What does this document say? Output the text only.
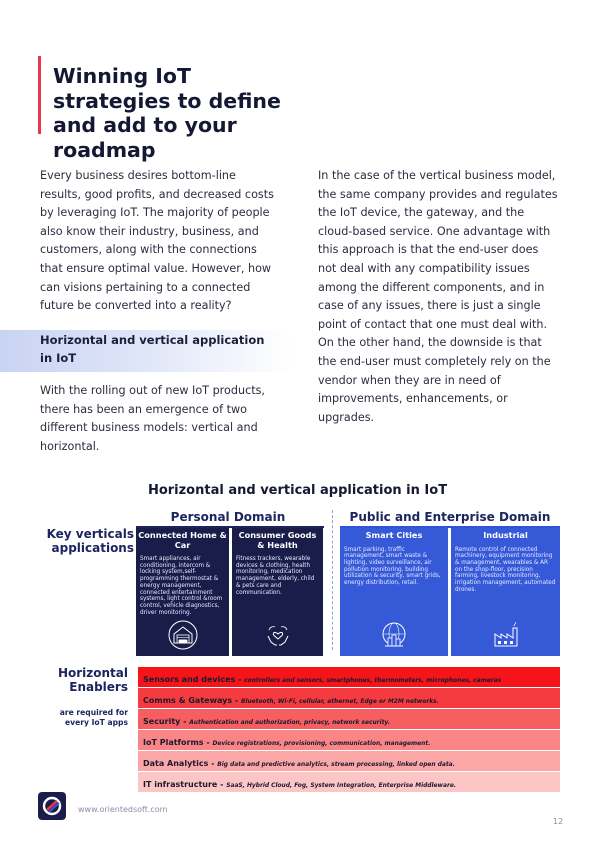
Winning IoT strategies to define and add to your roadmap

Every business desires bottom-line results, good profits, and decreased costs by leveraging IoT. The majority of people also know their industry, business, and customers, along with the connections that ensure optimal value. However, how can visions pertaining to a connected future be converted into a reality?

Horizontal and vertical application in IoT

With the rolling out of new IoT products, there has been an emergence of two different business models: vertical and horizontal.

In the case of the vertical business model, the same company provides and regulates the IoT device, the gateway, and the cloud-based service. One advantage with this approach is that the end-user does not deal with any compatibility issues among the different components, and in case of any issues, there is just a single point of contact that one must deal with. On the other hand, the downside is that the end-user must completely rely on the vendor when they are in need of improvements, enhancements, or upgrades.

Horizontal and vertical application in IoT
Personal Domain	Public and Enterprise Domain
Key verticals applications
Connected Home & Car
Smart appliances, air conditioning, intercom & locking system,self-programming thermostat & energy management, connected entertainment systems, light control &room control, vehicle diagnostics, driver monitoring.
Consumer Goods & Health
Fitness trackers, wearable devices & clothing, health monitoring, medication management, elderly, child & pets care and communication.
Smart Cities
Smart parking, traffic management, smart waste & lighting, video surveillance, air pollution monitoring, building utilization & security, smart grids, energy distribution, retail.
Industrial
Remote control of connected machinery, equipment monitoring & management, wearables & AR on the shop-floor, precision farming, livestock monitoring, irrigation management, automated drones.
Horizontal Enablers
are required for every IoT apps
Sensors and devices - controllers and sensors, smartphones, thermometers, microphones, cameras
Comms & Gateways - Bluetooth, Wi-Fi, cellular, ethernet, Edge or M2M networks.
Security - Authentication and authorization, privacy, network security.
IoT Platforms - Device registrations, provisioning, communication, management.
Data Analytics - Big data and predictive analytics, stream processing, linked open data.
IT infrastructure - SaaS, Hybrid Cloud, Fog, System Integration, Enterprise Middleware.
www.orientedsoft.com
12
